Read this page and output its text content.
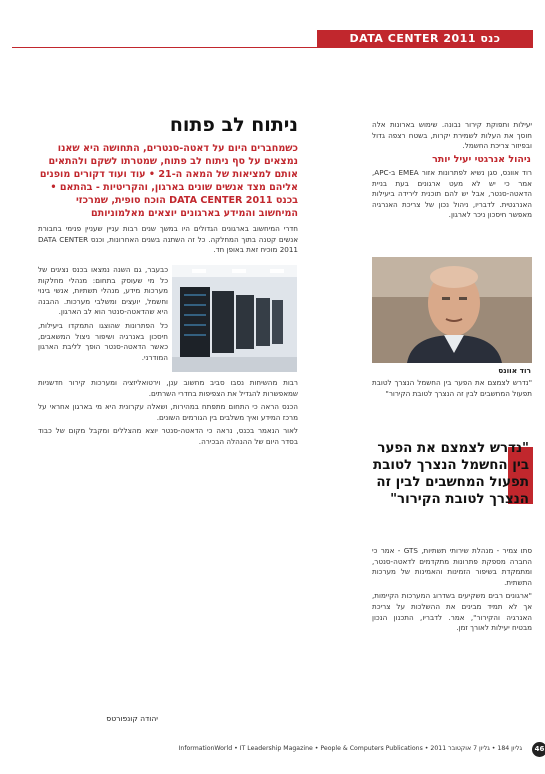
DATA CENTER 2011 כנס

יעילות ותפוקת קירור נבונה. שימוש בארונות אלה חוסך את העלות לשמירת יקרות, בשטח רצפה גדול ובפיזור צריכת החשמל.

ניהול אנרגטי יעיל יותר

רוד אוונס, סגן נשיא לפתרונות אזור EMEA ב-APC, אמר כי יש לא מעט ארגונים בעת בניית הדאטה-סנטר, אבל יש להם תוכנית לירידה ביעילות האנרגטית. לדבריו, ניהול נכון של צריכת האנרגיה מאפשר חיסכון ניכר לארגון.

רוד אוונס

"נדרש לצמצם את הפער בין החשמל הנצרך לטובת תפעול המחשבים לבין זה הנצרך לטובת הקירור"

"נדרש לצמצם את הפער בין החשמל הנצרך לטובת תפעול המחשבים לבין זה הנצרך לטובת הקירור"

סתו צמיר - מנהלת שירותי תשתיות, GTS - אמר כי החברה מספקת פתרונות מתקדמים לדאטה-סנטר, ומתמקדת בשיפור הזמינות והאמינות של מערכות התשתית.

"ארגונים רבים משקיעים בשדרוג המערכות הקיימות, אך לא תמיד מבינים את ההשלכות על צריכת האנרגיה והקירור", אמר. לדבריו, התכנון הנכון מבטיח יעילות לאורך זמן.

ניתוח לב פתוח
כשמחברים היום על דאטה-סנטרים, התחושה היא שאנו נמצאים על סף ניתוח לב פתוח, שמטרתו לשקם ולהתאים אותם למציאות של המאה ה-21 • עוד ועוד דקורים מופנים אליהם מצד אנשים שונים בארגון, והקריטיות - בהתאם • בכנס 2011 DATA CENTER הוכח סופית, שמרכזי המיחשוב והמידע בארגונים יוצאים מאלמוניותם

חדרי המיחשוב בארגונים הגדולים היו במשך שנים רבות עניין שעניין פנימי בחבורת אנשים קטנה בתוך המחלקה. כל זה השתנה בשנים האחרונות, וכנס DATA CENTER 2011 מוכיח זאת באופן חד.

כבעבר, גם השנה נמצאו בכנס נציגים של כל מי שעוסק בתחום: מנהלי מחלקות מערכות מידע, מנהלי תשתיות, אנשי בינוי וחשמל, יועצים ומשלבי מערכות. ההבנה היא שהדאטה-סנטר הוא לב הארגון.

כל הפתרונות שהוצגו התמקדו ביעילות, חיסכון באנרגיה ושיפור ניצול המשאבים, כאשר הדאטה-סנטר הופך לליבת הארגון המודרני.

רבות מהשיחות נסבו סביב מחשוב ענן, וירטואליזציה ומערכות קירור חדשניות שמאפשרות להגדיל את הצפיפות בחדרי השרתים.

הכנס הראה כי התחום מתפתח במהירות, ושאלה עקרונית היא מי בארגון אחראי על מרכז המידע ואיך משלבים בין הגורמים השונים.

לאור הנאמר בכנס, נראה כי הדאטה-סנטר יוצא מהצללים ומקבל מקום של כבוד בסדר היום של ההנהלה הבכירה.

יהודה קונפורטס
InformationWorld • IT Leadership Magazine • People & Computers Publications • 2011 גליון 184 • גליון 7 אוקטובר	46
